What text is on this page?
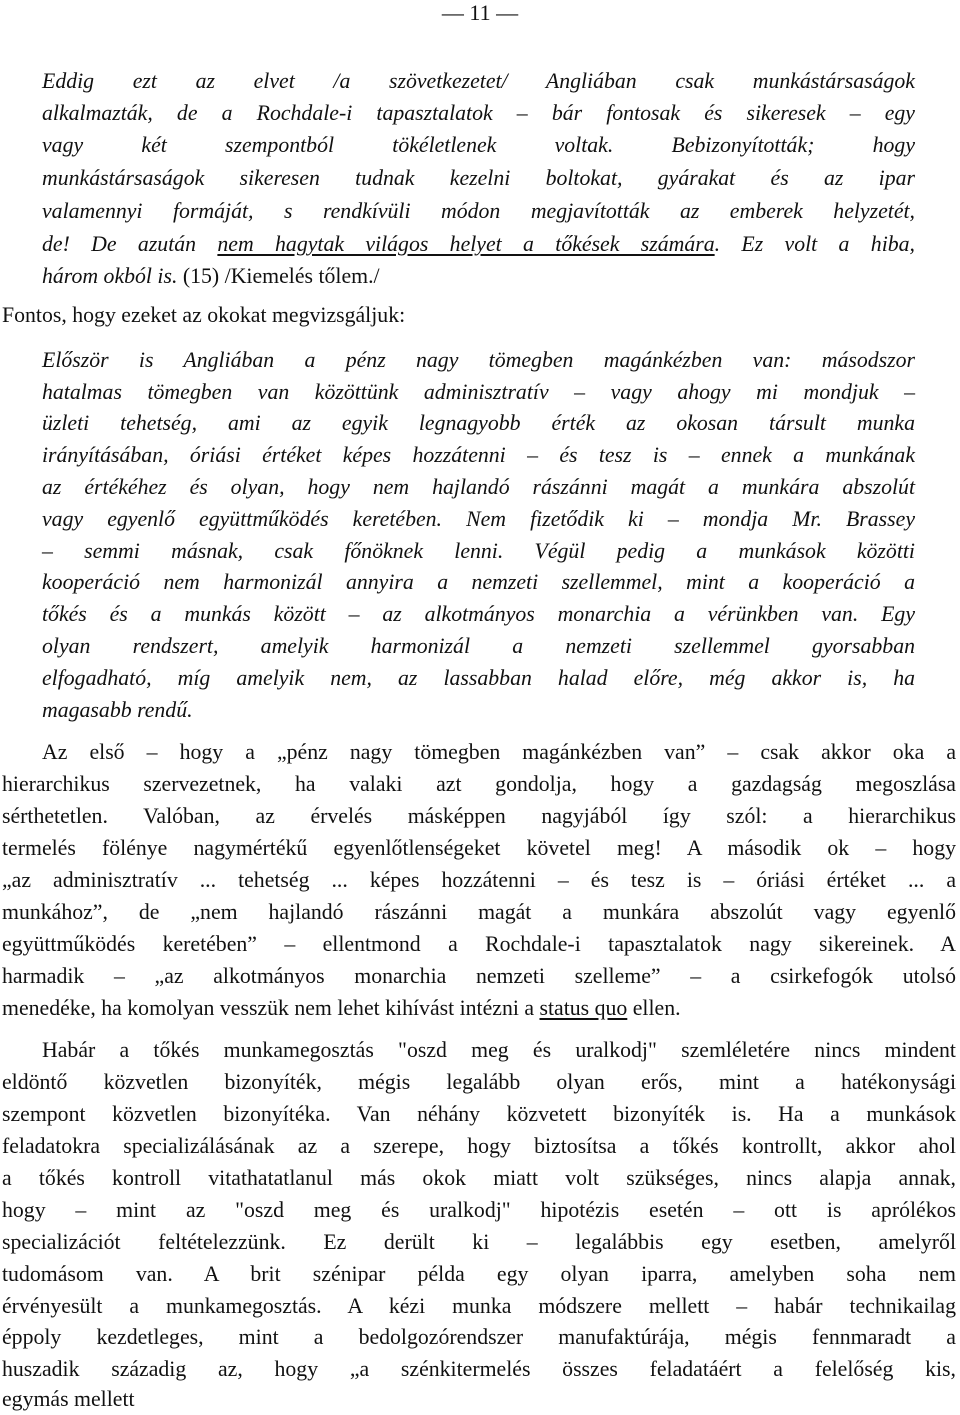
— 11 —
Eddig ezt az elvet /a szövetkezetet/ Angliában csak munkástársaságok
alkalmazták, de a Rochdale-i tapasztalatok – bár fontosak és sikeresek – egy
vagy két szempontból tökéletlenek voltak. Bebizonyították; hogy
munkástársaságok sikeresen tudnak kezelni boltokat, gyárakat és az ipar
valamennyi formáját, s rendkívüli módon megjavították az emberek helyzetét,
de! De azután nem hagytak világos helyet a tőkések számára. Ez volt a hiba,
három okból is. (15) /Kiemelés tőlem./
Fontos, hogy ezeket az okokat megvizsgáljuk:
Először is Angliában a pénz nagy tömegben magánkézben van: másodszor
hatalmas tömegben van közöttünk adminisztratív – vagy ahogy mi mondjuk –
üzleti tehetség, ami az egyik legnagyobb érték az okosan társult munka
irányításában, óriási értéket képes hozzátenni – és tesz is – ennek a munkának
az értékéhez és olyan, hogy nem hajlandó rászánni magát a munkára abszolút
vagy egyenlő együttműködés keretében. Nem fizetődik ki – mondja Mr. Brassey
– semmi másnak, csak főnöknek lenni. Végül pedig a munkások közötti
kooperáció nem harmonizál annyira a nemzeti szellemmel, mint a kooperáció a
tőkés és a munkás között – az alkotmányos monarchia a vérünkben van. Egy
olyan rendszert, amelyik harmonizál a nemzeti szellemmel gyorsabban
elfogadható, míg amelyik nem, az lassabban halad előre, még akkor is, ha
magasabb rendű.
Az első – hogy a „pénz nagy tömegben magánkézben van” – csak akkor oka a
hierarchikus szervezetnek, ha valaki azt gondolja, hogy a gazdagság megoszlása
sérthetetlen. Valóban, az érvelés másképpen nagyjából így szól: a hierarchikus
termelés fölénye nagymértékű egyenlőtlenségeket követel meg! A második ok – hogy
„az adminisztratív ... tehetség ... képes hozzátenni – és tesz is – óriási értéket ... a
munkához”, de „nem hajlandó rászánni magát a munkára abszolút vagy egyenlő
együttműködés keretében” – ellentmond a Rochdale-i tapasztalatok nagy sikereinek. A
harmadik – „az alkotmányos monarchia nemzeti szelleme” – a csirkefogók utolsó
menedéke, ha komolyan vesszük nem lehet kihívást intézni a status quo ellen.
Habár a tőkés munkamegosztás "oszd meg és uralkodj" szemléletére nincs mindent
eldöntő közvetlen bizonyíték, mégis legalább olyan erős, mint a hatékonysági
szempont közvetlen bizonyítéka. Van néhány közvetett bizonyíték is. Ha a munkások
feladatokra specializálásának az a szerepe, hogy biztosítsa a tőkés kontrollt, akkor ahol
a tőkés kontroll vitathatatlanul más okok miatt volt szükséges, nincs alapja annak,
hogy – mint az "oszd meg és uralkodj" hipotézis esetén – ott is aprólékos
specializációt feltételezzünk. Ez derült ki – legalábbis egy esetben, amelyről
tudomásom van. A brit szénipar példa egy olyan iparra, amelyben soha nem
érvényesült a munkamegosztás. A kézi munka módszere mellett – habár technikailag
éppoly kezdetleges, mint a bedolgozórendszer manufaktúrája, mégis fennmaradt a
huszadik századig az, hogy „a szénkitermelés összes feladatáért a felelőség kis,
egymás mellett
